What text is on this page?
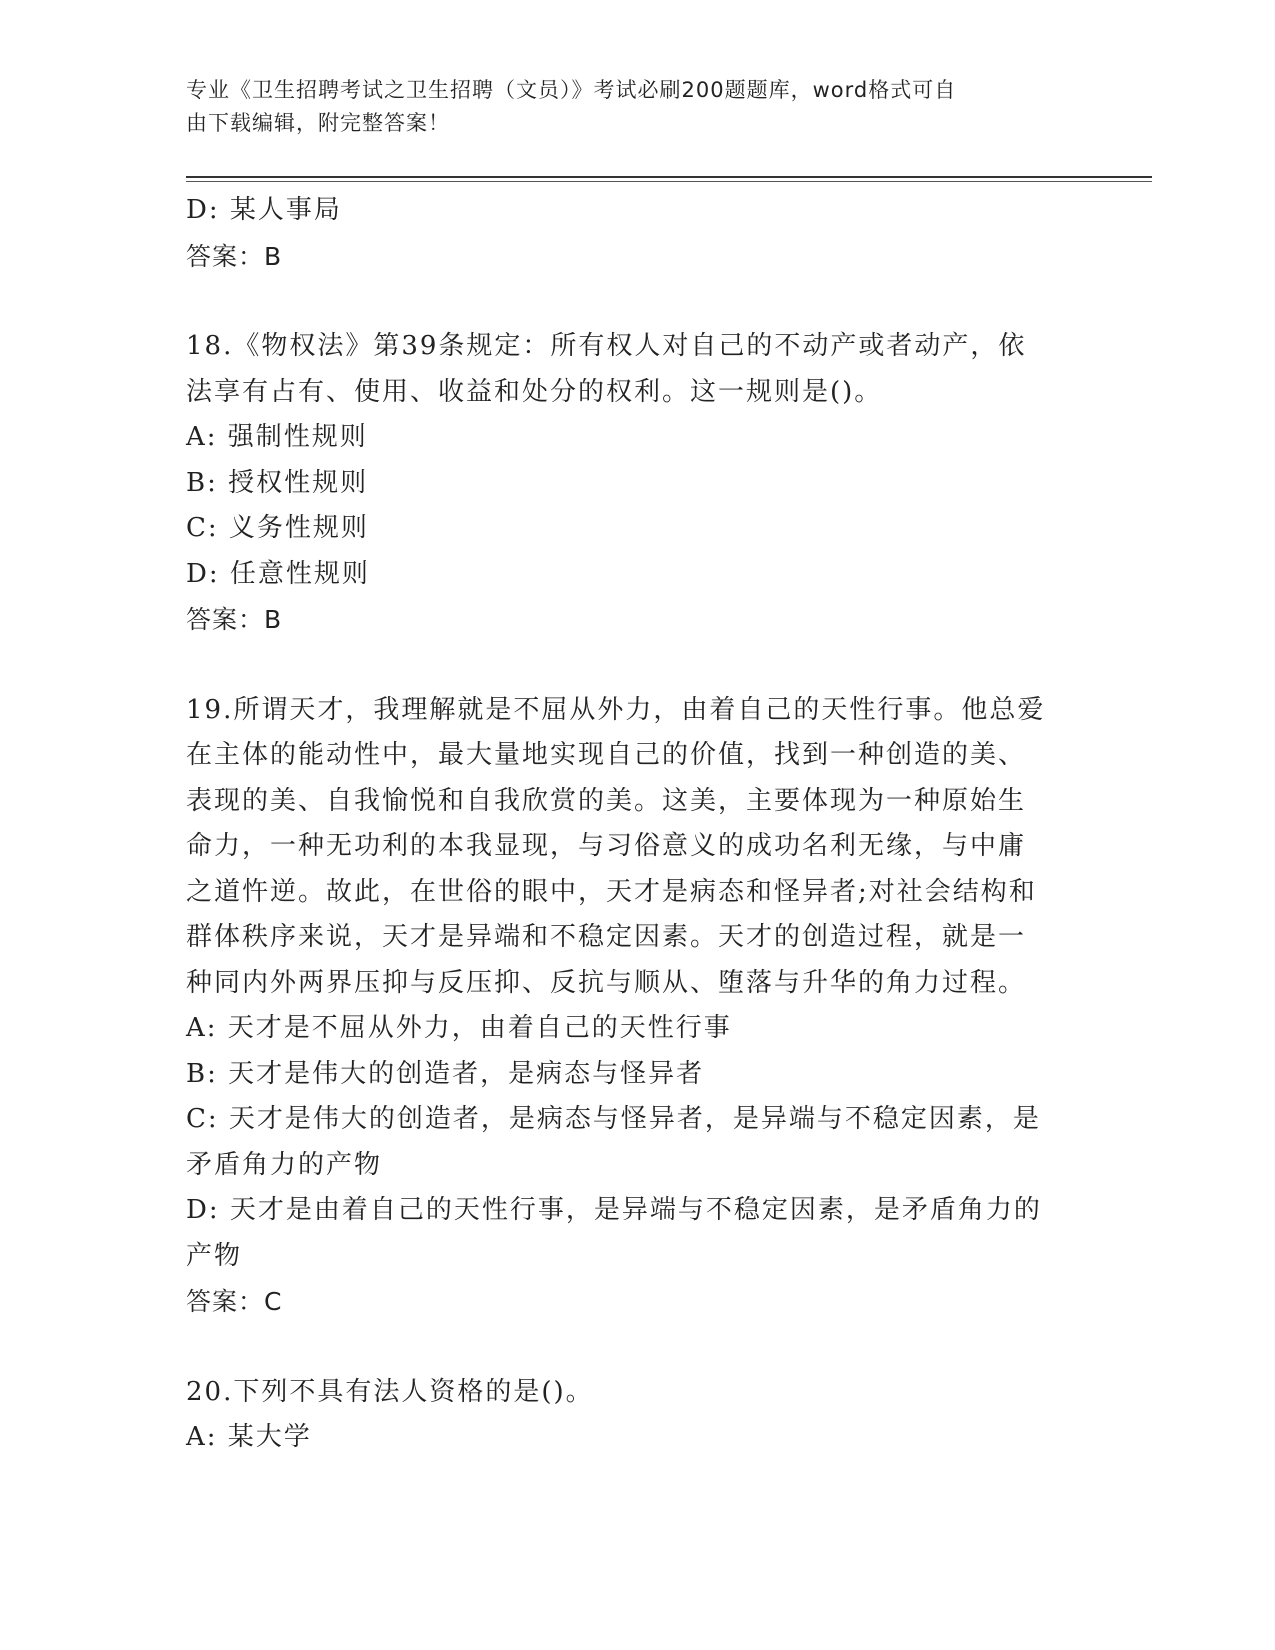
专业《卫生招聘考试之卫生招聘（文员）》考试必刷200题题库，word格式可自
由下载编辑，附完整答案！
D: 某人事局
答案：B
18.《物权法》第39条规定：所有权人对自己的不动产或者动产，依
法享有占有、使用、收益和处分的权利。这一规则是()。
A: 强制性规则
B: 授权性规则
C: 义务性规则
D: 任意性规则
答案：B
19.所谓天才，我理解就是不屈从外力，由着自己的天性行事。他总爱
在主体的能动性中，最大量地实现自己的价值，找到一种创造的美、
表现的美、自我愉悦和自我欣赏的美。这美，主要体现为一种原始生
命力，一种无功利的本我显现，与习俗意义的成功名利无缘，与中庸
之道忤逆。故此，在世俗的眼中，天才是病态和怪异者;对社会结构和
群体秩序来说，天才是异端和不稳定因素。天才的创造过程，就是一
种同内外两界压抑与反压抑、反抗与顺从、堕落与升华的角力过程。
A: 天才是不屈从外力，由着自己的天性行事
B: 天才是伟大的创造者，是病态与怪异者
C: 天才是伟大的创造者，是病态与怪异者，是异端与不稳定因素，是
矛盾角力的产物
D: 天才是由着自己的天性行事，是异端与不稳定因素，是矛盾角力的
产物
答案：C
20.下列不具有法人资格的是()。
A: 某大学
